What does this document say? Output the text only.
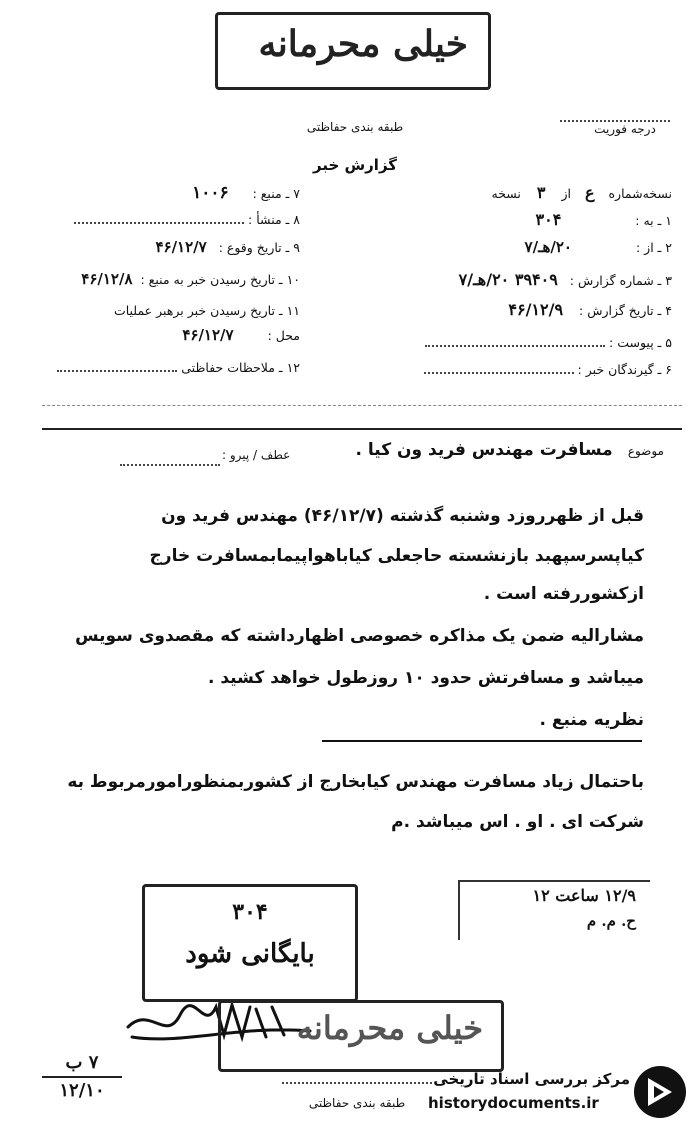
خیلی محرمانه
طبقه بندی حفاظتی	درجه فوریت
گزارش خبر
۷ ـ منبع : ۱۰۰۶
۸ ـ منشأ :
۹ ـ تاریخ وقوع : ۴۶/۱۲/۷
۱۰ ـ تاریخ رسیدن خبر به منبع : ۴۶/۱۲/۸
۱۱ ـ تاریخ رسیدن خبر برهبر عملیات
محل : ۴۶/۱۲/۷
۱۲ ـ ملاحظات حفاظتی
نسخه‌شماره ع از ۳ نسخه
۱ ـ به : ۳۰۴
۲ ـ از : ۲۰/هـ/۷
۳ ـ شماره گزارش : ۳۹۴۰۹ ۲۰/هـ/۷
۴ ـ تاریخ گزارش : ۴۶/۱۲/۹
۵ ـ پیوست :
۶ ـ گیرندگان خبر :
موضوع مسافرت مهندس فرید ون کیا .
عطف / پیرو :
قبل از ظهرروزد وشنبه گذشته (۴۶/۱۲/۷) مهندس فرید ون
کیاپسرسپهبد بازنشسته حاجعلی کیاباهواپیمابمسافرت خارج
ازکشوررفته است .
مشارالیه ضمن یک مذاکره خصوصی اظهارداشته که مقصدوی سویس
میباشد و مسافرتش حدود ۱۰ روزطول خواهد کشید .
نظریه منبع .
باحتمال زیاد مسافرت مهندس کیابخارج از کشوربمنظورامورمربوط به
شرکت ای . او . اس میباشد .م
۱۲/۹ ساعت ۱۲
ح. م. م
۳۰۴
بایگانی شود
خیلی محرمانه
۷ ب
۱۲/۱۰
طبقه بندی حفاظتی
مرکز بررسی اسناد تاریخی
historydocuments.ir
